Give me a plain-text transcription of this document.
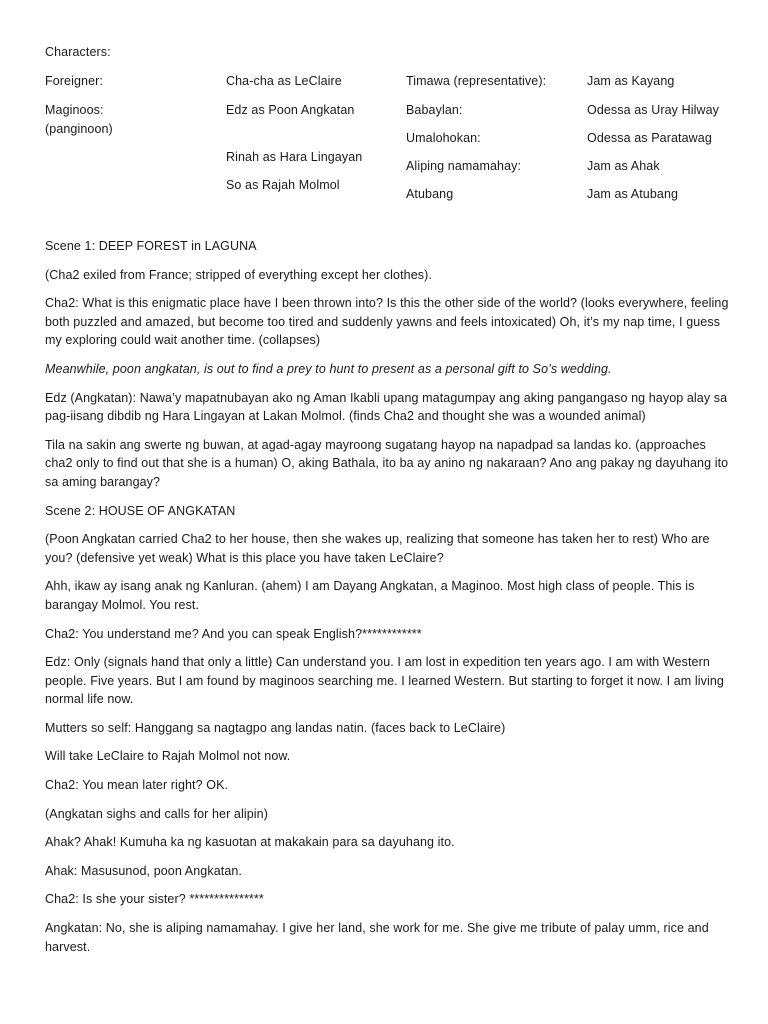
Characters:
Foreigner:
Maginoos:
(panginoon)
Cha-cha as LeClaire
Edz as Poon Angkatan
Rinah as Hara Lingayan
So as Rajah Molmol
Timawa (representative):
Babaylan:
Umalohokan:
Aliping namamahay:
Atubang
Jam as Kayang
Odessa as Uray Hilway
Odessa as Paratawag
Jam as Ahak
Jam as Atubang

Scene 1: DEEP FOREST in LAGUNA

(Cha2 exiled from France; stripped of everything except her clothes).

Cha2: What is this enigmatic place have I been thrown into? Is this the other side of the world? (looks everywhere, feeling both puzzled and amazed, but become too tired and suddenly yawns and feels intoxicated) Oh, it’s my nap time, I guess my exploring could wait another time. (collapses)

Meanwhile, poon angkatan, is out to find a prey to hunt to present as a personal gift to So’s wedding.

Edz (Angkatan): Nawa’y mapatnubayan ako ng Aman Ikabli upang matagumpay ang aking pangangaso ng hayop alay sa pag-iisang dibdib ng Hara Lingayan at Lakan Molmol. (finds Cha2 and thought she was a wounded animal)

Tila na sakin ang swerte ng buwan, at agad-agay mayroong sugatang hayop na napadpad sa landas ko. (approaches cha2 only to find out that she is a human) O, aking Bathala, ito ba ay anino ng nakaraan? Ano ang pakay ng dayuhang ito sa aming barangay?

Scene 2: HOUSE OF ANGKATAN

(Poon Angkatan carried Cha2 to her house, then she wakes up, realizing that someone has taken her to rest) Who are you? (defensive yet weak) What is this place you have taken LeClaire?

Ahh, ikaw ay isang anak ng Kanluran. (ahem) I am Dayang Angkatan, a Maginoo. Most high class of people. This is barangay Molmol. You rest.

Cha2: You understand me? And you can speak English?************

Edz: Only (signals hand that only a little) Can understand you. I am lost in expedition ten years ago. I am with Western people. Five years. But I am found by maginoos searching me. I learned Western. But starting to forget it now. I am living normal life now.

Mutters so self: Hanggang sa nagtagpo ang landas natin. (faces back to LeClaire)

Will take LeClaire to Rajah Molmol not now.

Cha2: You mean later right? OK.

(Angkatan sighs and calls for her alipin)

Ahak? Ahak! Kumuha ka ng kasuotan at makakain para sa dayuhang ito.

Ahak: Masusunod, poon Angkatan.

Cha2: Is she your sister? ***************

Angkatan: No, she is aliping namamahay. I give her land, she work for me. She give me tribute of palay umm, rice and harvest.
